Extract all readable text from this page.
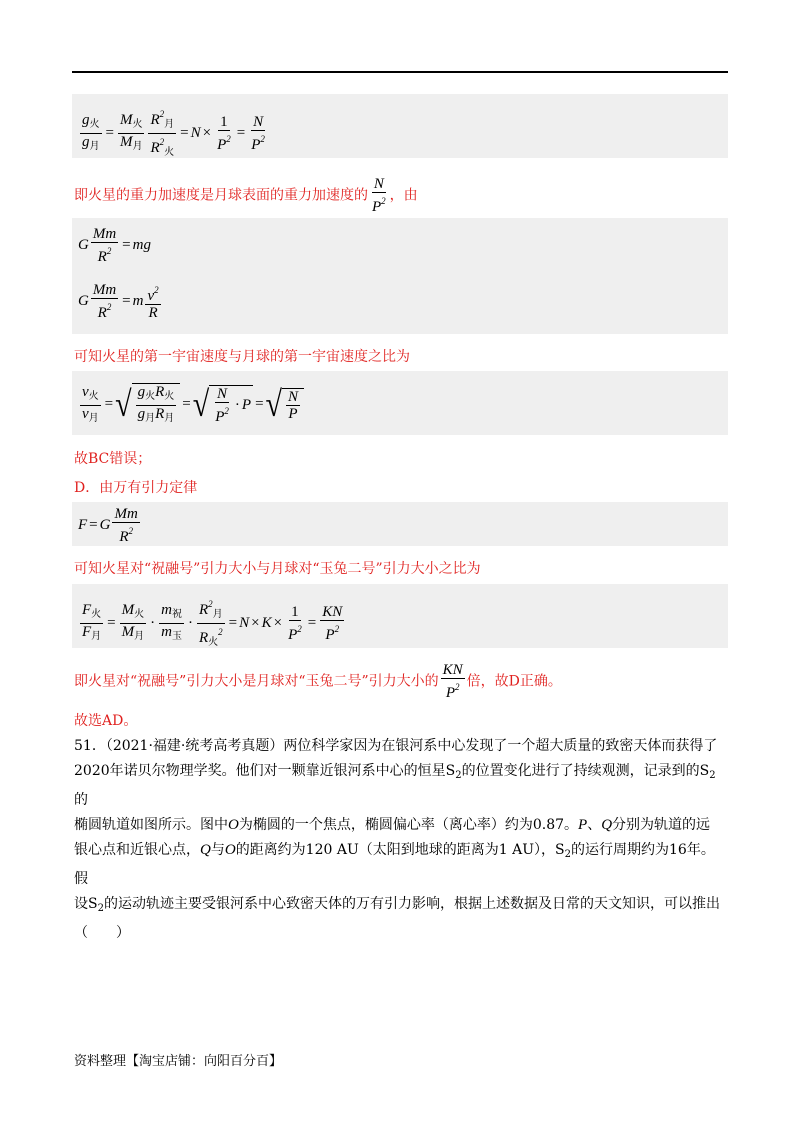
$\frac{g_火}{g_月} = \frac{M_火}{M_月} \frac{R^2_月}{R^2_火} = N \times \frac{1}{P^2} = \frac{N}{P^2}$
即火星的重力加速度是月球表面的重力加速度的 $\frac{N}{P^2}$ ，由
G $\frac{Mm}{R^2}$ = mg
G $\frac{Mm}{R^2} = m \frac{v^2}{R}$
可知火星的第一宇宙速度与月球的第一宇宙速度之比为
$\frac{v_火}{v_月}$ = √ $\frac{g_火R_火}{g_月R_月}$ = √ $\frac{N}{P^2} \cdot P$ = √ $\frac{N}{P}$
故BC错误；
D．由万有引力定律
F = G $\frac{Mm}{R^2}$
可知火星对“祝融号”引力大小与月球对“玉兔二号”引力大小之比为
$\frac{F_火}{F_月} = \frac{M_火}{M_月} \cdot \frac{m_祝}{m_玉} \cdot \frac{R^2_月}{R_火^2} = N \times K \times \frac{1}{P^2} = \frac{KN}{P^2}$
即火星对“祝融号”引力大小是月球对“玉兔二号”引力大小的 $\frac{KN}{P^2}$ 倍，故D正确。
故选AD。
51．（2021·福建·统考高考真题）两位科学家因为在银河系中心发现了一个超大质量的致密天体而获得了
2020年诺贝尔物理学奖。他们对一颗靠近银河系中心的恒星$S_2$的位置变化进行了持续观测，记录到的$S_2$的
椭圆轨道如图所示。图中O为椭圆的一个焦点，椭圆偏心率（离心率）约为0.87。P、Q分别为轨道的远
银心点和近银心点，Q与O的距离约为120 AU（太阳到地球的距离为1 AU），$S_2$的运行周期约为16年。假
设$S_2$的运动轨迹主要受银河系中心致密天体的万有引力影响，根据上述数据及日常的天文知识，可以推出
（　　）
资料整理【淘宝店铺：向阳百分百】
